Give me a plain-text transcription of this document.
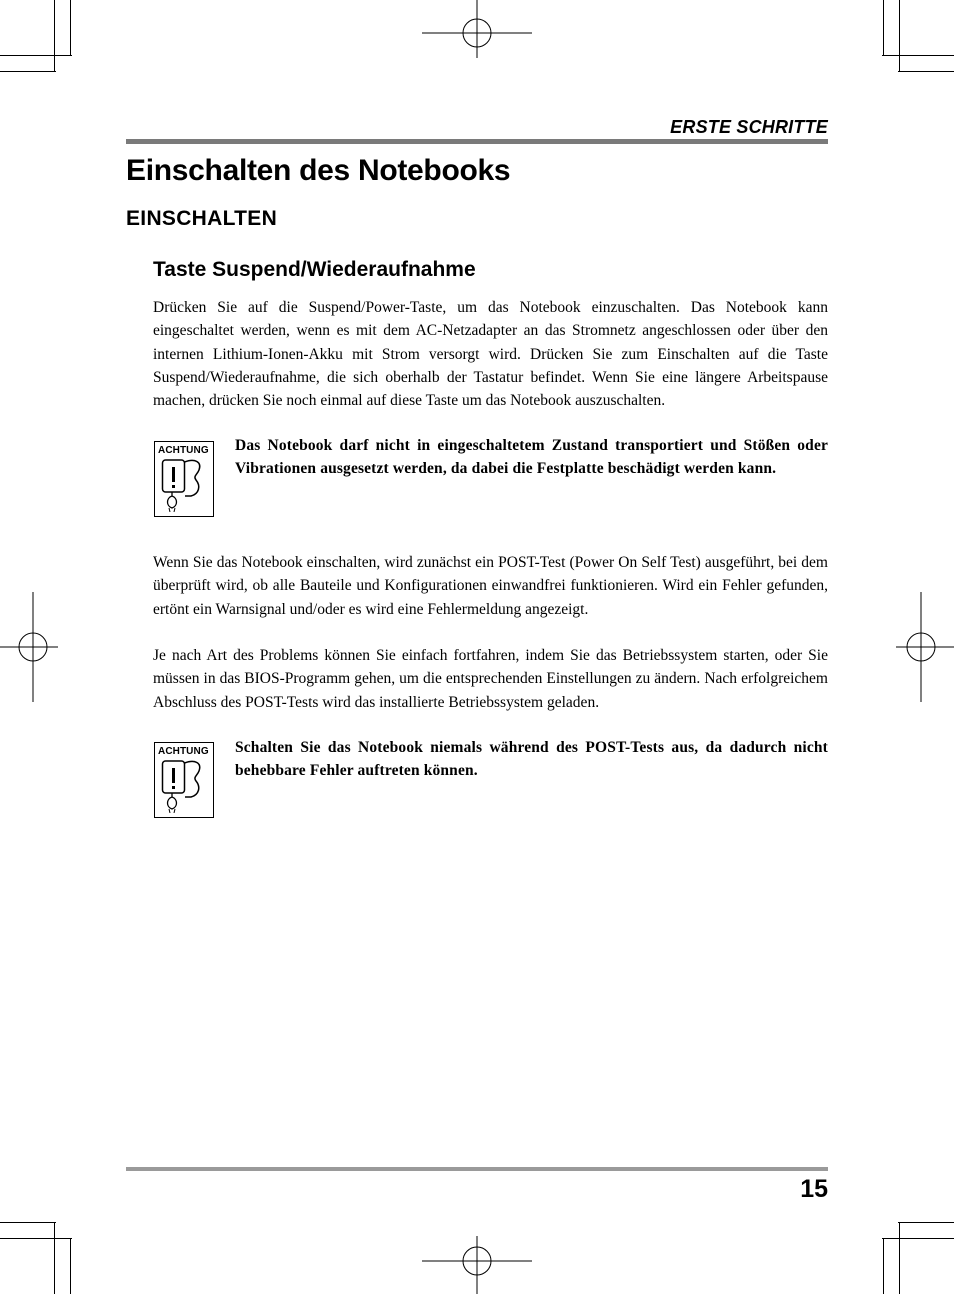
ERSTE SCHRITTE
Einschalten des Notebooks
EINSCHALTEN
Taste Suspend/Wiederaufnahme
Drücken Sie auf die Suspend/Power-Taste, um das Notebook einzuschalten. Das Notebook kann eingeschaltet werden, wenn es mit dem AC-Netzadapter an das Stromnetz angeschlossen oder über den internen Lithium-Ionen-Akku mit Strom versorgt wird. Drücken Sie zum Einschalten auf die Taste Suspend/Wiederaufnahme, die sich oberhalb der Tastatur befindet. Wenn Sie eine längere Arbeitspause machen, drücken Sie noch einmal auf diese Taste um das Notebook auszuschalten.
ACHTUNG Das Notebook darf nicht in eingeschaltetem Zustand transportiert und Stößen oder Vibrationen ausgesetzt werden, da dabei die Festplatte beschädigt werden kann.
Wenn Sie das Notebook einschalten, wird zunächst ein POST-Test (Power On Self Test) ausgeführt, bei dem überprüft wird, ob alle Bauteile und Konfigurationen einwandfrei funktionieren. Wird ein Fehler gefunden, ertönt ein Warnsignal und/oder es wird eine Fehlermeldung angezeigt.
Je nach Art des Problems können Sie einfach fortfahren, indem Sie das Betriebssystem starten, oder Sie müssen in das BIOS-Programm gehen, um die entsprechenden Einstellungen zu ändern. Nach erfolgreichem Abschluss des POST-Tests wird das installierte Betriebssystem geladen.
ACHTUNG Schalten Sie das Notebook niemals während des POST-Tests aus, da dadurch nicht behebbare Fehler auftreten können.
15
